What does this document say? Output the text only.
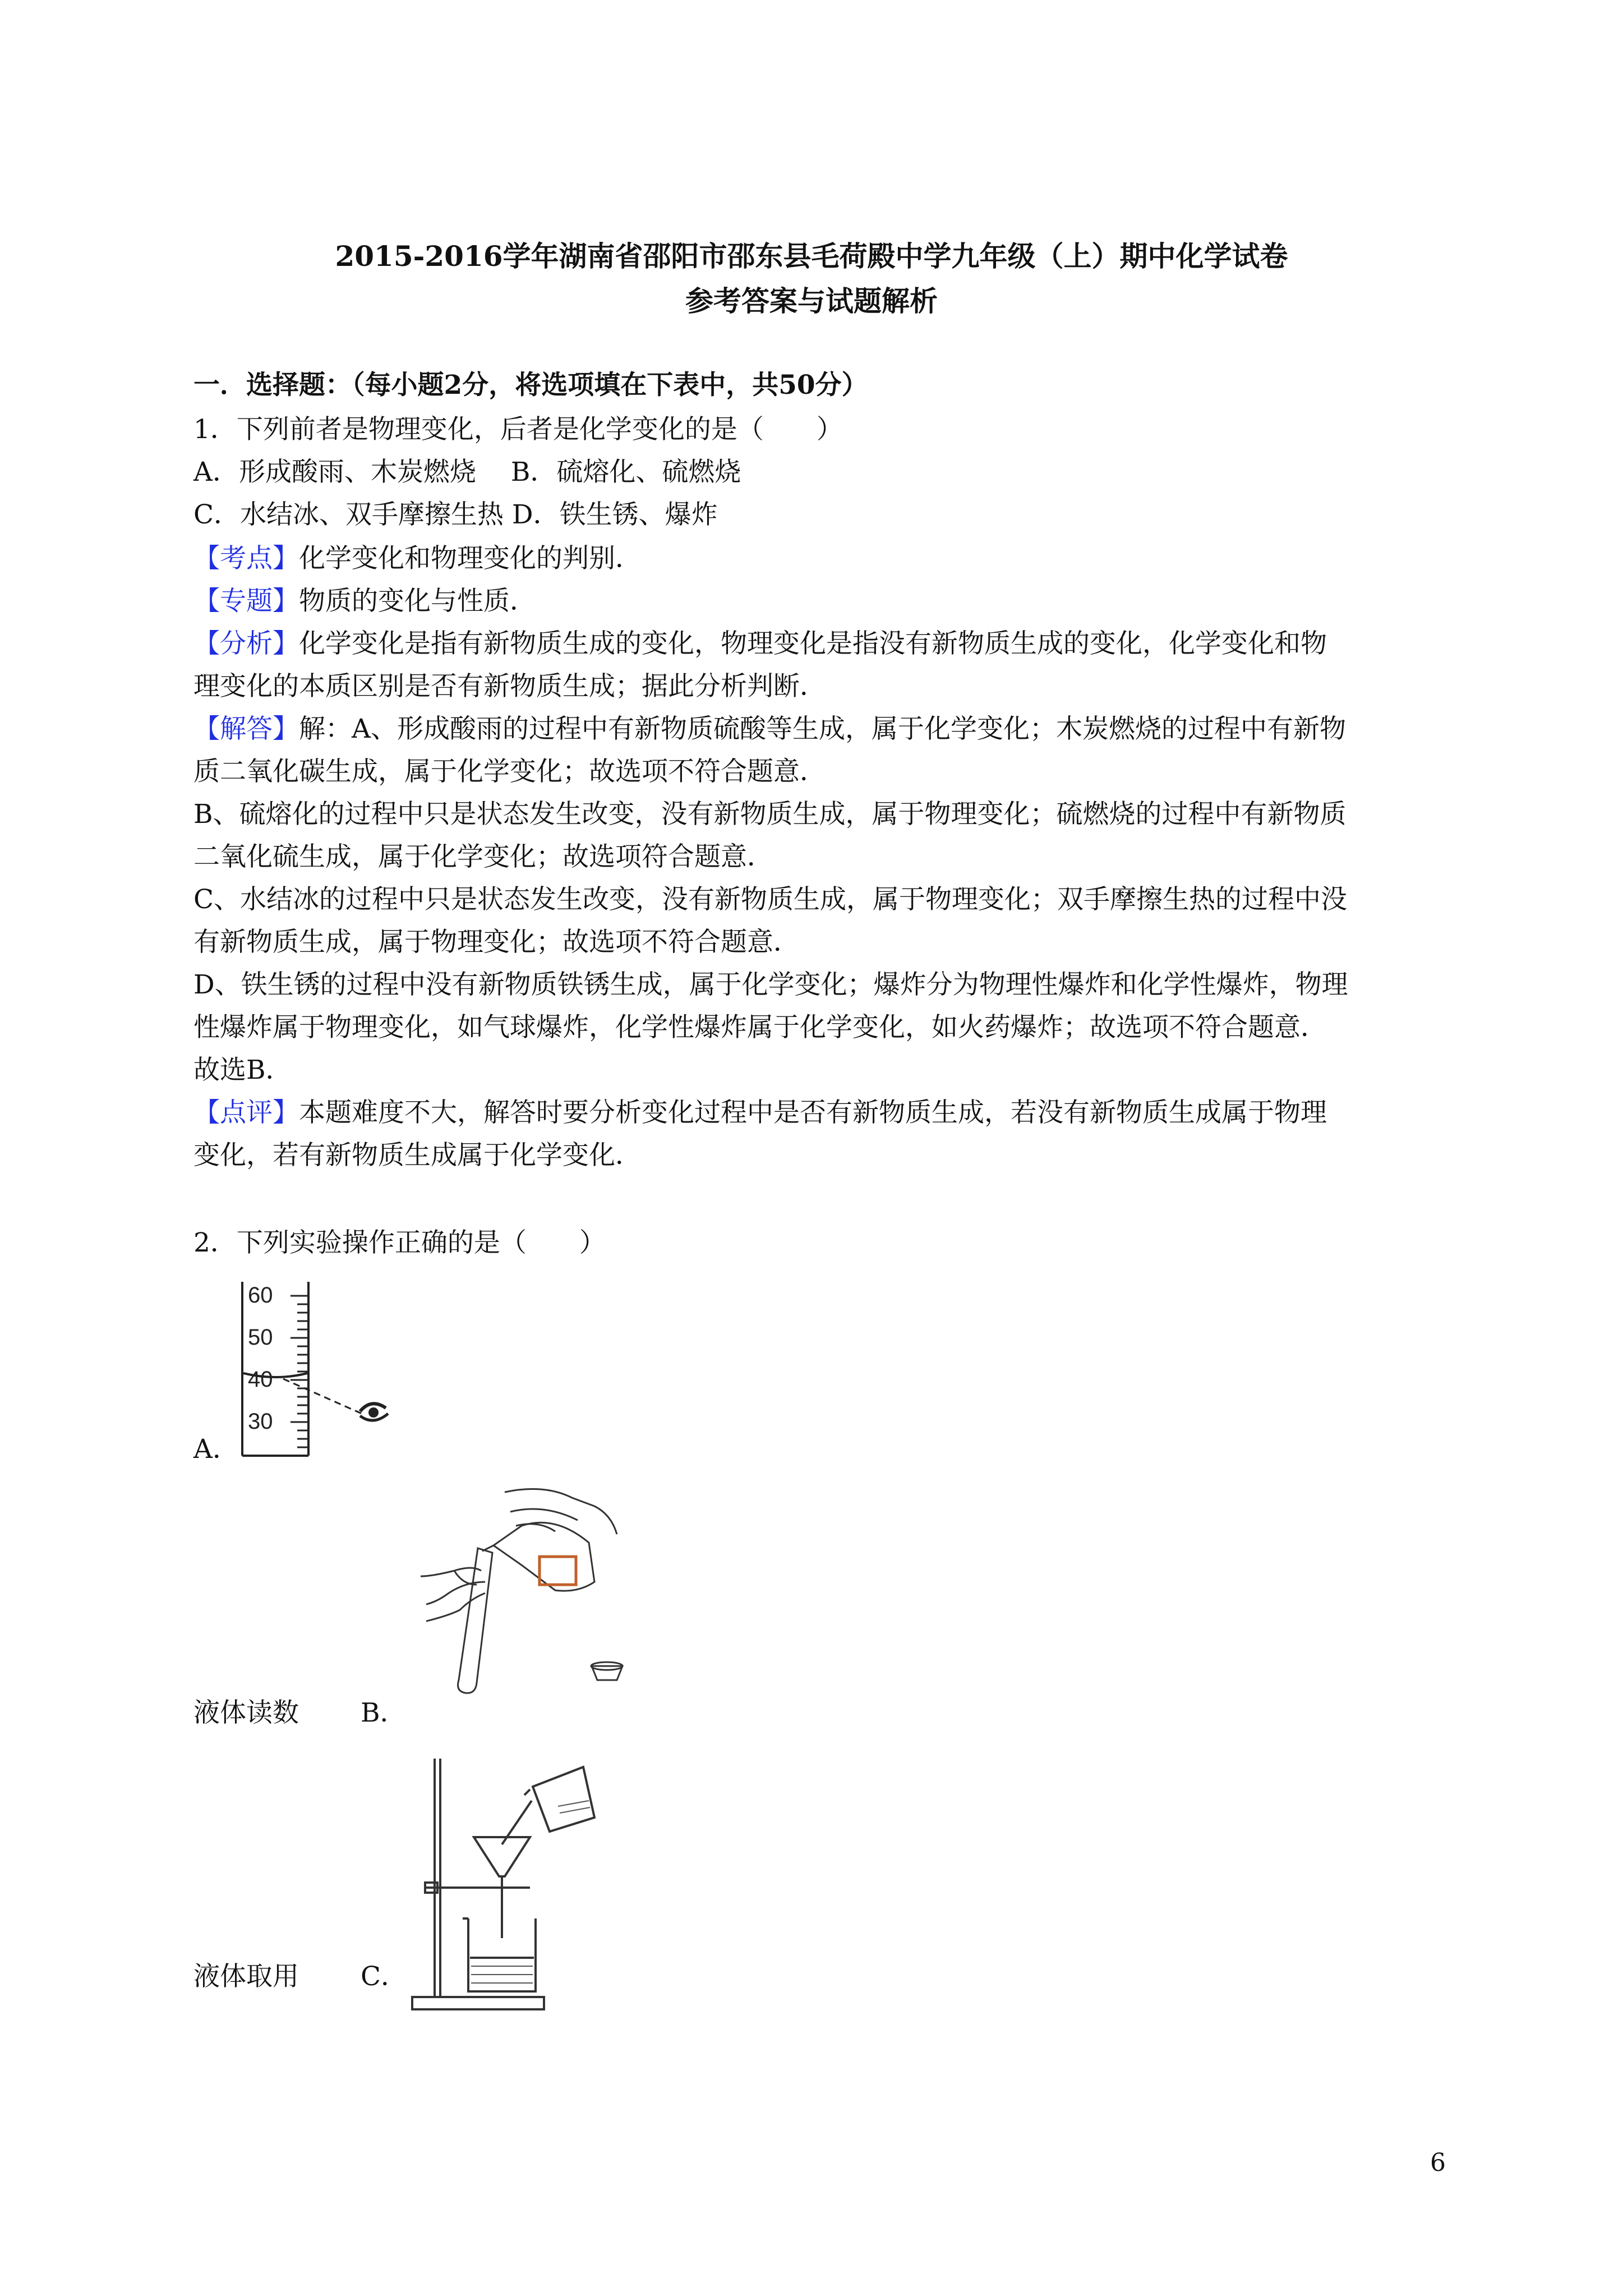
2015-2016学年湖南省邵阳市邵东县毛荷殿中学九年级（上）期中化学试卷
参考答案与试题解析
一．选择题：（每小题2分，将选项填在下表中，共50分）
1．下列前者是物理变化，后者是化学变化的是（　　）
A．形成酸雨、木炭燃烧　 B．硫熔化、硫燃烧
C．水结冰、双手摩擦生热 D．铁生锈、爆炸
【考点】化学变化和物理变化的判别．
【专题】物质的变化与性质．
【分析】化学变化是指有新物质生成的变化，物理变化是指没有新物质生成的变化，化学变化和物
理变化的本质区别是否有新物质生成；据此分析判断．
【解答】解：A、形成酸雨的过程中有新物质硫酸等生成，属于化学变化；木炭燃烧的过程中有新物
质二氧化碳生成，属于化学变化；故选项不符合题意．
B、硫熔化的过程中只是状态发生改变，没有新物质生成，属于物理变化；硫燃烧的过程中有新物质
二氧化硫生成，属于化学变化；故选项符合题意．
C、水结冰的过程中只是状态发生改变，没有新物质生成，属于物理变化；双手摩擦生热的过程中没
有新物质生成，属于物理变化；故选项不符合题意．
D、铁生锈的过程中没有新物质铁锈生成，属于化学变化；爆炸分为物理性爆炸和化学性爆炸，物理
性爆炸属于物理变化，如气球爆炸，化学性爆炸属于化学变化，如火药爆炸；故选项不符合题意．
故选B．
【点评】本题难度不大，解答时要分析变化过程中是否有新物质生成，若没有新物质生成属于物理
变化，若有新物质生成属于化学变化．
2．下列实验操作正确的是（　　）
60
50
40
30
A．
液体读数 B．
液体取用 C．
6
